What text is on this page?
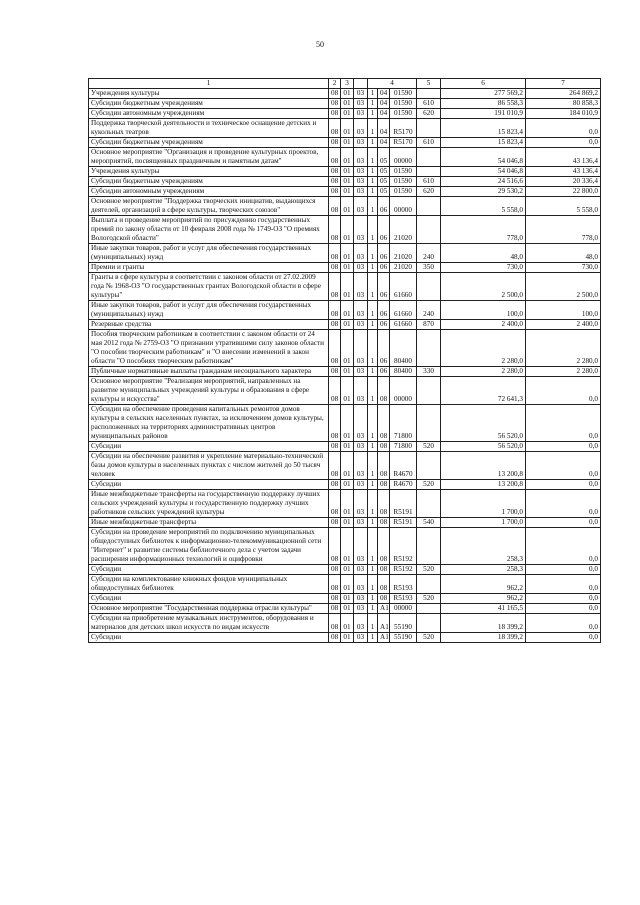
50
1	2	3		4			5	6	7
Учреждения культуры	08	01	03	1	04	01590		277 569,2	264 869,2
Субсидии бюджетным учреждениям	08	01	03	1	04	01590	610	86 558,3	80 858,3
Субсидии автономным учреждениям	08	01	03	1	04	01590	620	191 010,9	184 010,9
Поддержка творческой деятельности и техническое оснащение детских и кукольных театров	08	01	03	1	04	R5170		15 823,4	0,0
Субсидии бюджетным учреждениям	08	01	03	1	04	R5170	610	15 823,4	0,0
Основное мероприятие "Организация и проведение культурных проектов, мероприятий, посвященных праздничным и памятным датам"	08	01	03	1	05	00000		54 046,8	43 136,4
Учреждения культуры	08	01	03	1	05	01590		54 046,8	43 136,4
Субсидии бюджетным учреждениям	08	01	03	1	05	01590	610	24 516,6	20 336,4
Субсидии автономным учреждениям	08	01	03	1	05	01590	620	29 530,2	22 800,0
Основное мероприятие "Поддержка творческих инициатив, выдающихся деятелей, организаций в сфере культуры, творческих союзов"	08	01	03	1	06	00000		5 558,0	5 558,0
Выплата и проведение мероприятий по присуждению государственных премий по закону области от 10 февраля 2008 года № 1749-ОЗ "О премиях Вологодской области"	08	01	03	1	06	21020		778,0	778,0
Иные закупки товаров, работ и услуг для обеспечения государственных (муниципальных) нужд	08	01	03	1	06	21020	240	48,0	48,0
Премии и гранты	08	01	03	1	06	21020	350	730,0	730,0
Гранты в сфере культуры в соответствии с законом области от 27.02.2009 года № 1968-ОЗ "О государственных грантах Вологодской области в сфере культуры"	08	01	03	1	06	61660		2 500,0	2 500,0
Иные закупки товаров, работ и услуг для обеспечения государственных (муниципальных) нужд	08	01	03	1	06	61660	240	100,0	100,0
Резервные средства	08	01	03	1	06	61660	870	2 400,0	2 400,0
Пособия творческим работникам в соответствии с законом области от 24 мая 2012 года № 2759-ОЗ "О признании утратившими силу законов области "О пособии творческим работникам" и "О внесении изменений в закон области "О пособиях творческим работникам"	08	01	03	1	06	80400		2 280,0	2 280,0
Публичные нормативные выплаты гражданам несоциального характера	08	01	03	1	06	80400	330	2 280,0	2 280,0
Основное мероприятие "Реализация мероприятий, направленных на развитие муниципальных учреждений культуры и образования в сфере культуры и искусства"	08	01	03	1	08	00000		72 641,3	0,0
Субсидии на обеспечение проведения капитальных ремонтов домов культуры в сельских населенных пунктах, за исключением домов культуры, расположенных на территориях административных центров муниципальных районов	08	01	03	1	08	71800		56 520,0	0,0
Субсидии	08	01	03	1	08	71800	520	56 520,0	0,0
Субсидии на обеспечение развития и укрепление материально-технической базы домов культуры в населенных пунктах с числом жителей до 50 тысяч человек	08	01	03	1	08	R4670		13 200,8	0,0
Субсидии	08	01	03	1	08	R4670	520	13 200,8	0,0
Иные межбюджетные трансферты на государственную поддержку лучших сельских учреждений культуры и государственную поддержку лучших работников сельских учреждений культуры	08	01	03	1	08	R5191		1 700,0	0,0
Иные межбюджетные трансферты	08	01	03	1	08	R5191	540	1 700,0	0,0
Субсидии на проведение мероприятий по подключению муниципальных общедоступных библиотек к информационно-телекоммуникационной сети "Интернет" и развитие системы библиотечного дела с учетом задачи расширения информационных технологий и оцифровки	08	01	03	1	08	R5192		258,3	0,0
Субсидии	08	01	03	1	08	R5192	520	258,3	0,0
Субсидии на комплектование книжных фондов муниципальных общедоступных библиотек	08	01	03	1	08	R5193		962,2	0,0
Субсидии	08	01	03	1	08	R5193	520	962,2	0,0
Основное мероприятие "Государственная поддержка отрасли культуры"	08	01	03	1	A1	00000		41 165,5	0,0
Субсидии на приобретение музыкальных инструментов, оборудования и материалов для детских школ искусств по видам искусств	08	01	03	1	A1	55190		18 399,2	0,0
Субсидии	08	01	03	1	A1	55190	520	18 399,2	0,0
